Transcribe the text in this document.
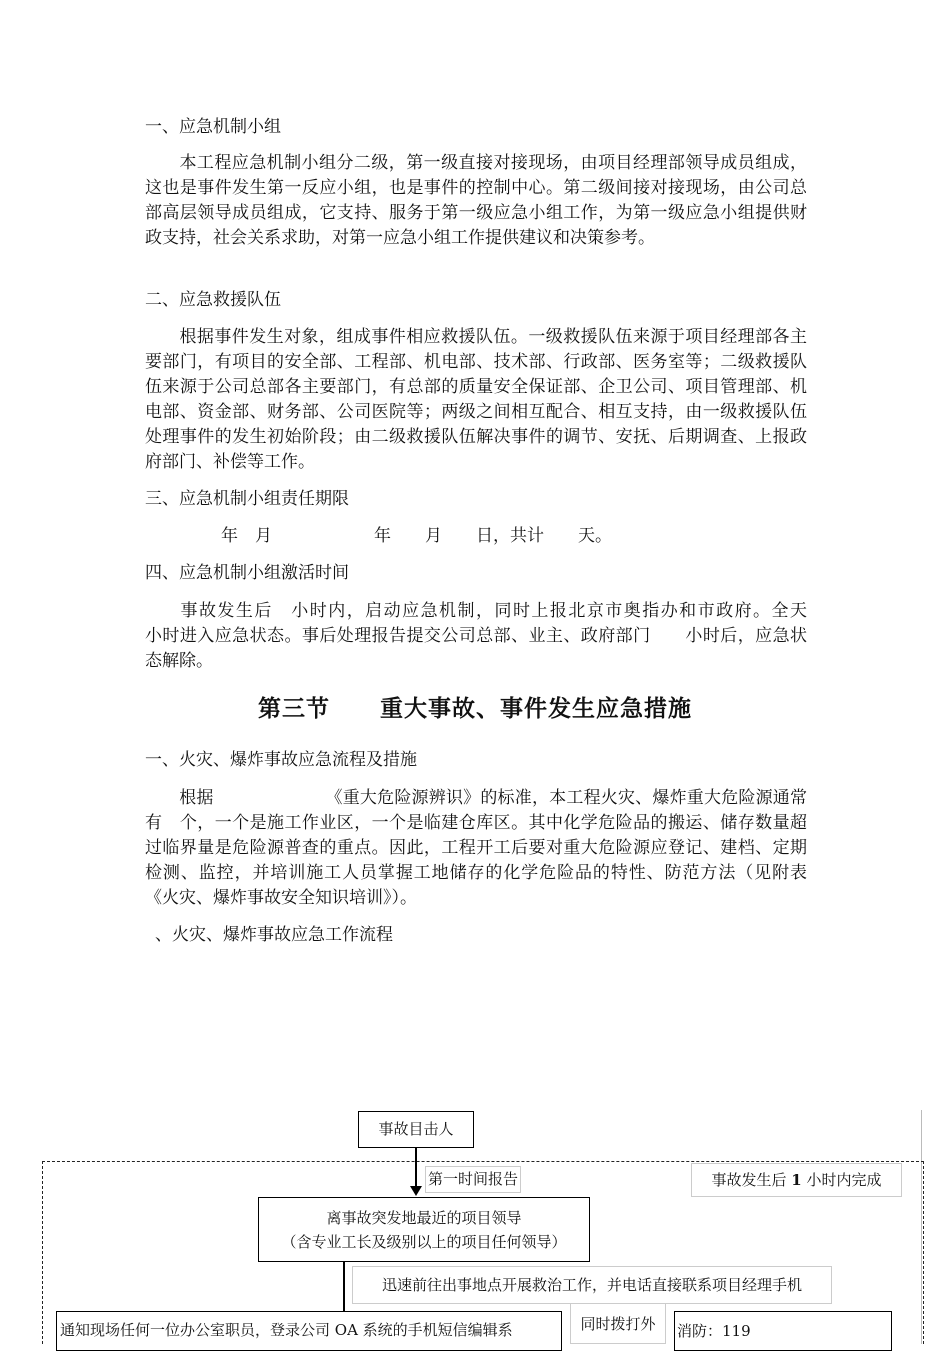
一、应急机制小组
本工程应急机制小组分二级，第一级直接对接现场，由项目经理部领导成员组成，这也是事件发生第一反应小组，也是事件的控制中心。第二级间接对接现场，由公司总部高层领导成员组成，它支持、服务于第一级应急小组工作，为第一级应急小组提供财政支持，社会关系求助，对第一应急小组工作提供建议和决策参考。
二、应急救援队伍
根据事件发生对象，组成事件相应救援队伍。一级救援队伍来源于项目经理部各主要部门，有项目的安全部、工程部、机电部、技术部、行政部、医务室等；二级救援队伍来源于公司总部各主要部门，有总部的质量安全保证部、企卫公司、项目管理部、机电部、资金部、财务部、公司医院等；两级之间相互配合、相互支持，由一级救援队伍处理事件的发生初始阶段；由二级救援队伍解决事件的调节、安抚、后期调查、上报政府部门、补偿等工作。
三、应急机制小组责任期限
年　月　　　　　　年　　月　　日，共计　　天。
四、应急机制小组激活时间
事故发生后　小时内，启动应急机制，同时上报北京市奥指办和市政府。全天　　小时进入应急状态。事后处理报告提交公司总部、业主、政府部门　　小时后，应急状态解除。
第三节 重大事故、事件发生应急措施
一、火灾、爆炸事故应急流程及措施
根据　　　　　　　《重大危险源辨识》的标准，本工程火灾、爆炸重大危险源通常有　个，一个是施工作业区，一个是临建仓库区。其中化学危险品的搬运、储存数量超过临界量是危险源普查的重点。因此，工程开工后要对重大危险源应登记、建档、定期检测、监控，并培训施工人员掌握工地储存的化学危险品的特性、防范方法（见附表《火灾、爆炸事故安全知识培训》）。
、火灾、爆炸事故应急工作流程
事故目击人
第一时间报告	事故发生后 1 小时内完成
离事故突发地最近的项目领导
（含专业工长及级别以上的项目任何领导）
迅速前往出事地点开展救治工作，并电话直接联系项目经理手机
通知现场任何一位办公室职员，登录公司 OA 系统的手机短信编辑系	同时拨打外	消防：119
